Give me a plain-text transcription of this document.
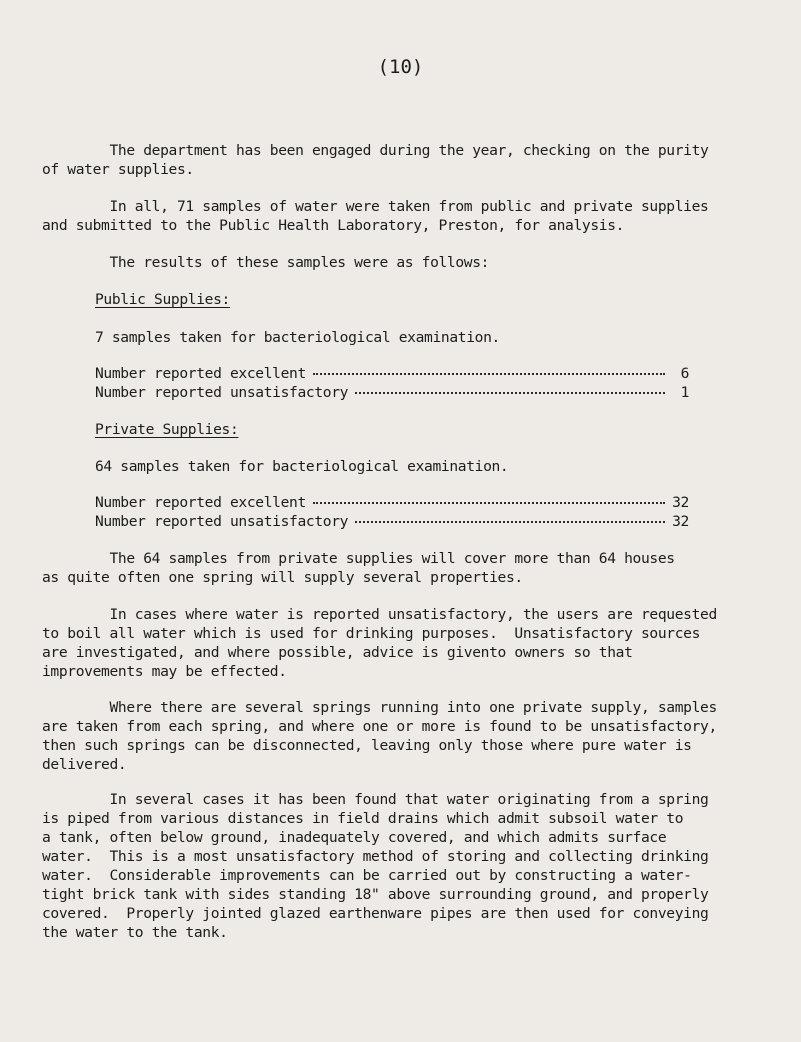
(10)

The department has been engaged during the year, checking on the purity
of water supplies.

In all, 71 samples of water were taken from public and private supplies
and submitted to the Public Health Laboratory, Preston, for analysis.

The results of these samples were as follows:

Public Supplies:

7 samples taken for bacteriological examination.

Number reported excellent	6
Number reported unsatisfactory	1

Private Supplies:

64 samples taken for bacteriological examination.

Number reported excellent	32
Number reported unsatisfactory	32

The 64 samples from private supplies will cover more than 64 houses
as quite often one spring will supply several properties.

In cases where water is reported unsatisfactory, the users are requested
to boil all water which is used for drinking purposes.  Unsatisfactory sources
are investigated, and where possible, advice is givento owners so that
improvements may be effected.

Where there are several springs running into one private supply, samples
are taken from each spring, and where one or more is found to be unsatisfactory,
then such springs can be disconnected, leaving only those where pure water is
delivered.

In several cases it has been found that water originating from a spring
is piped from various distances in field drains which admit subsoil water to
a tank, often below ground, inadequately covered, and which admits surface
water.  This is a most unsatisfactory method of storing and collecting drinking
water.  Considerable improvements can be carried out by constructing a water-
tight brick tank with sides standing 18" above surrounding ground, and properly
covered.  Properly jointed glazed earthenware pipes are then used for conveying
the water to the tank.
